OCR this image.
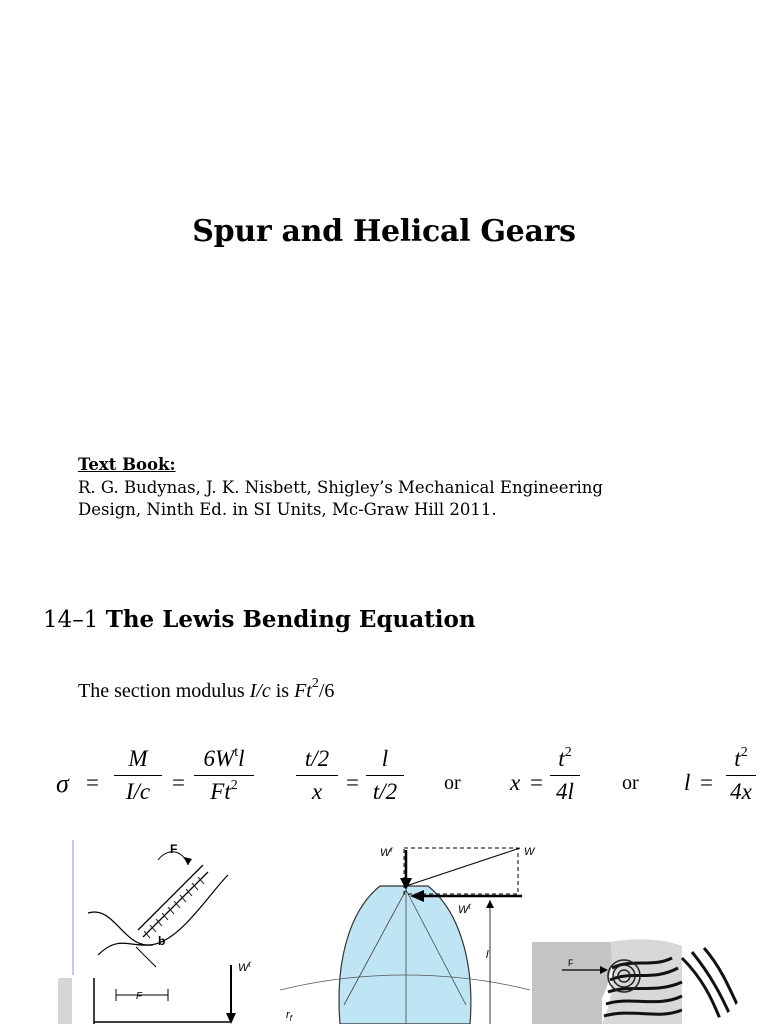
Spur and Helical Gears
Text Book:
R. G. Budynas, J. K. Nisbett, Shigley’s Mechanical Engineering
Design, Ninth Ed. in SI Units, Mc-Graw Hill 2011.
14–1 The Lewis Bending Equation
The section modulus I/c is Ft$^2$/6
σ =
M
I/c =
$6W^tl$
Ft$^2$
t/2
x	=
l
t/2	or x =
$t^2$
4l	or l =
$t^2$
4x
F
b
F
$W^t$
$W^r$	W
$W^t$
l
$r_f$
F
